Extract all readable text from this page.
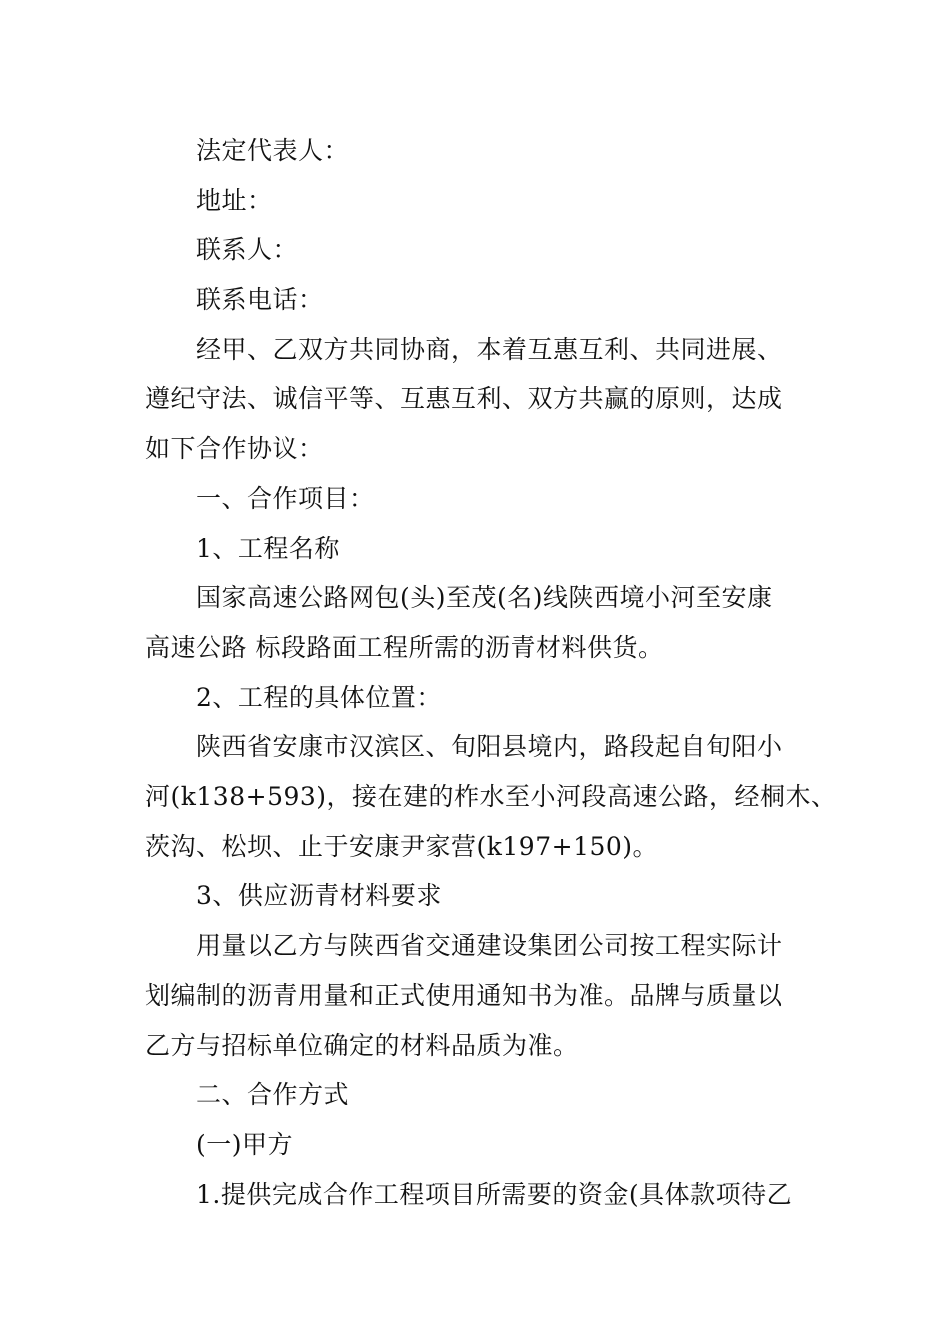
法定代表人：
地址：
联系人：
联系电话：
经甲、乙双方共同协商，本着互惠互利、共同进展、
遵纪守法、诚信平等、互惠互利、双方共赢的原则，达成
如下合作协议：
一、合作项目：
1、工程名称
国家高速公路网包(头)至茂(名)线陕西境小河至安康
高速公路 标段路面工程所需的沥青材料供货。
2、工程的具体位置：
陕西省安康市汉滨区、旬阳县境内，路段起自旬阳小
河(k138+593)，接在建的柞水至小河段高速公路，经桐木、
茨沟、松坝、止于安康尹家营(k197+150)。
3、供应沥青材料要求
用量以乙方与陕西省交通建设集团公司按工程实际计
划编制的沥青用量和正式使用通知书为准。品牌与质量以
乙方与招标单位确定的材料品质为准。
二、合作方式
(一)甲方
1.提供完成合作工程项目所需要的资金(具体款项待乙
